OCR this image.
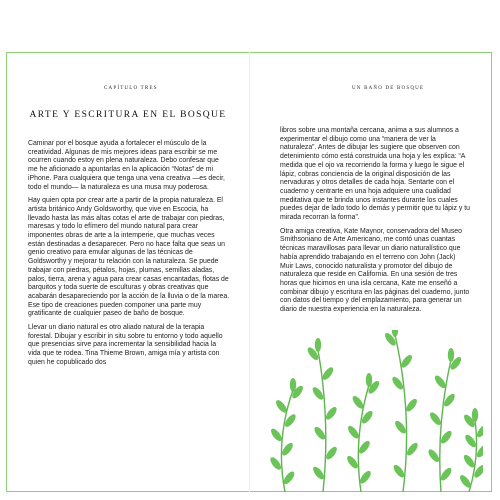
CAPÍTULO TRES	UN BAÑO DE BOSQUE
ARTE Y ESCRITURA EN EL BOSQUE

Caminar por el bosque ayuda a fortalecer el músculo de la creatividad. Algunas de mis mejores ideas para escribir se me ocurren cuando estoy en plena naturaleza. Debo confesar que me he aficionado a apuntarlas en la aplicación “Notas” de mi iPhone. Para cualquiera que tenga una vena creativa —es decir, todo el mundo— la naturaleza es una musa muy poderosa.

Hay quien opta por crear arte a partir de la propia naturaleza. El artista británico Andy Goldsworthy, que vive en Escocia, ha llevado hasta las más altas cotas el arte de trabajar con piedras, maresas y todo lo efímero del mundo natural para crear imponentes obras de arte a la intemperie, que muchas veces están destinadas a desaparecer. Pero no hace falta que seas un genio creativo para emular algunas de las técnicas de Goldsworthy y mejorar tu relación con la naturaleza. Se puede trabajar con piedras, pétalos, hojas, plumas, semillas aladas, palos, tierra, arena y agua para crear casas encantadas, flotas de barquitos y toda suerte de esculturas y obras creativas que acabarán desapareciendo por la acción de la lluvia o de la marea. Ese tipo de creaciones pueden componer una parte muy gratificante de cualquier paseo de baño de bosque.

Llevar un diario natural es otro aliado natural de la terapia forestal. Dibujar y escribir in situ sobre tu entorno y todo aquello que presencias sirve para incrementar la sensibilidad hacia la vida que te rodea. Tina Thieme Brown, amiga mía y artista con quien he copublicado dos

libros sobre una montaña cercana, anima a sus alumnos a experimentar el dibujo como una “manera de ver la naturaleza”. Antes de dibujar les sugiere que observen con detenimiento cómo está construida una hoja y les explica: “A medida que el ojo va recorriendo la forma y luego le sigue el lápiz, cobras conciencia de la original disposición de las nervaduras y otros detalles de cada hoja. Sentarte con el cuaderno y centrarte en una hoja adquiere una cualidad meditativa que te brinda unos instantes durante los cuales puedes dejar de lado todo lo demás y permitir que tu lápiz y tu mirada recorran la forma”.

Otra amiga creativa, Kate Maynor, conservadora del Museo Smithsoniano de Arte Americano, me contó unas cuantas técnicas maravillosas para llevar un diario naturalístico que había aprendido trabajando en el terreno con John (Jack) Muir Laws, conocido naturalista y promotor del dibujo de naturaleza que reside en California. En una sesión de tres horas que hicimos en una isla cercana, Kate me enseñó a combinar dibujo y escritura en las páginas del cuaderno, junto con datos del tiempo y del emplazamiento, para generar un diario de nuestra experiencia en la naturaleza.
